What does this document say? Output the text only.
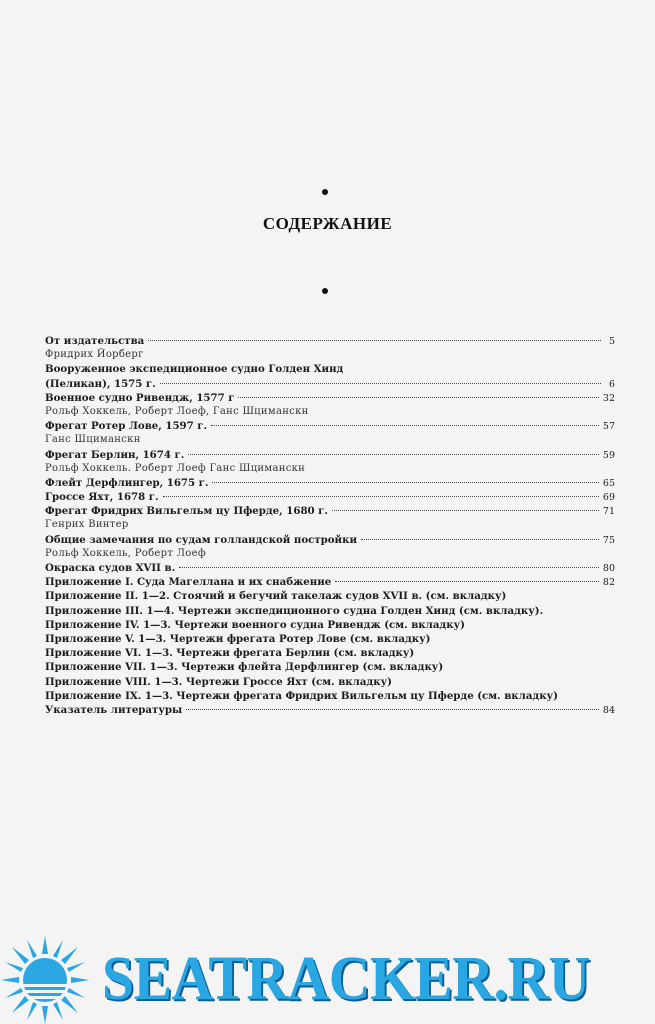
СОДЕРЖАНИЕ
От издательства	5
Фридрих Йорберг
Вооруженное экспедиционное судно Голден Хинд
(Пеликан), 1575 г.	6
Военное судно Ривендж, 1577 г	32
Рольф Хоккель, Роберт Лоеф, Ганс Шциманскн
Фрегат Ротер Лове, 1597 г.	57
Ганс Шциманскн
Фрегат Берлин, 1674 г.	59
Рольф Хоккель. Роберт Лоеф Ганс Шциманскн
Флейт Дерфлингер, 1675 г.	65
Гроссе Яхт, 1678 г.	69
Фрегат Фридрих Вильгельм цу Пферде, 1680 г.	71
Генрих Винтер
Общие замечания по судам голландской постройки	75
Рольф Хоккель, Роберт Лоеф
Окраска судов XVII в.	80
Приложение I. Суда Магеллана и их снабжение	82
Приложение II. 1—2. Стоячий и бегучий такелаж судов XVII в. (см. вкладку)
Приложение III. 1—4. Чертежи экспедиционного судна Голден Хинд (см. вкладку).
Приложение IV. 1—3. Чертежи военного судна Ривендж (см. вкладку)
Приложение V. 1—3. Чертежи фрегата Ротер Лове (см. вкладку)
Приложение VI. 1—3. Чертежи фрегата Берлин (см. вкладку)
Приложение VII. 1—3. Чертежи флейта Дерфлингер (см. вкладку)
Приложение VIII. 1—3. Чертежи Гроссе Яхт (см. вкладку)
Приложение IX. 1—3. Чертежи фрегата Фридрих Вильгельм цу Пферде (см. вкладку)
Указатель литературы	84
SEATRACKER.RU
